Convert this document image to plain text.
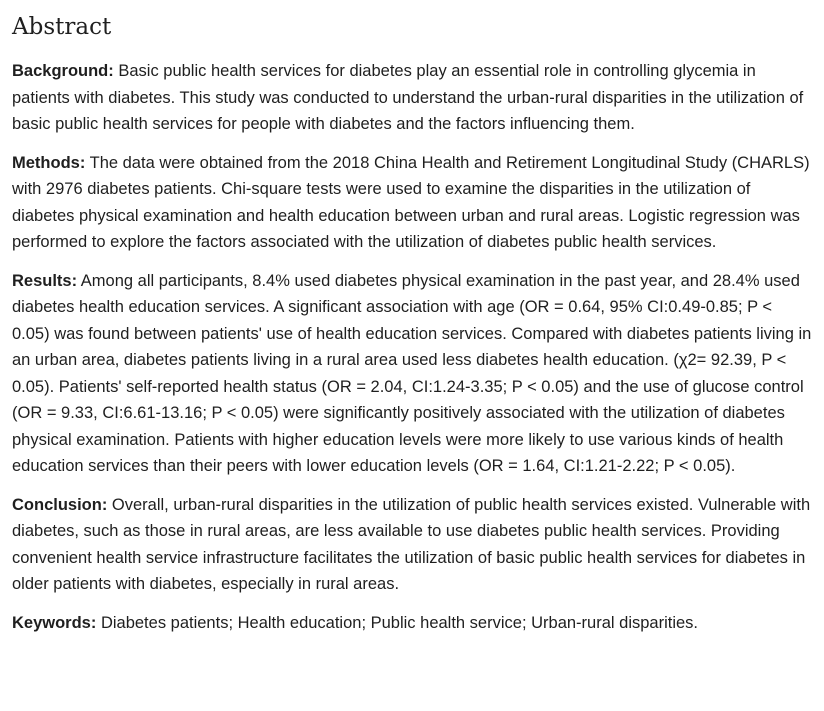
Abstract

Background: Basic public health services for diabetes play an essential role in controlling glycemia in patients with diabetes. This study was conducted to understand the urban-rural disparities in the utilization of basic public health services for people with diabetes and the factors influencing them.

Methods: The data were obtained from the 2018 China Health and Retirement Longitudinal Study (CHARLS) with 2976 diabetes patients. Chi-square tests were used to examine the disparities in the utilization of diabetes physical examination and health education between urban and rural areas. Logistic regression was performed to explore the factors associated with the utilization of diabetes public health services.

Results: Among all participants, 8.4% used diabetes physical examination in the past year, and 28.4% used diabetes health education services. A significant association with age (OR = 0.64, 95% CI:0.49-0.85; P < 0.05) was found between patients' use of health education services. Compared with diabetes patients living in an urban area, diabetes patients living in a rural area used less diabetes health education. (χ2= 92.39, P < 0.05). Patients' self-reported health status (OR = 2.04, CI:1.24-3.35; P < 0.05) and the use of glucose control (OR = 9.33, CI:6.61-13.16; P < 0.05) were significantly positively associated with the utilization of diabetes physical examination. Patients with higher education levels were more likely to use various kinds of health education services than their peers with lower education levels (OR = 1.64, CI:1.21-2.22; P < 0.05).

Conclusion: Overall, urban-rural disparities in the utilization of public health services existed. Vulnerable with diabetes, such as those in rural areas, are less available to use diabetes public health services. Providing convenient health service infrastructure facilitates the utilization of basic public health services for diabetes in older patients with diabetes, especially in rural areas.

Keywords: Diabetes patients; Health education; Public health service; Urban-rural disparities.
